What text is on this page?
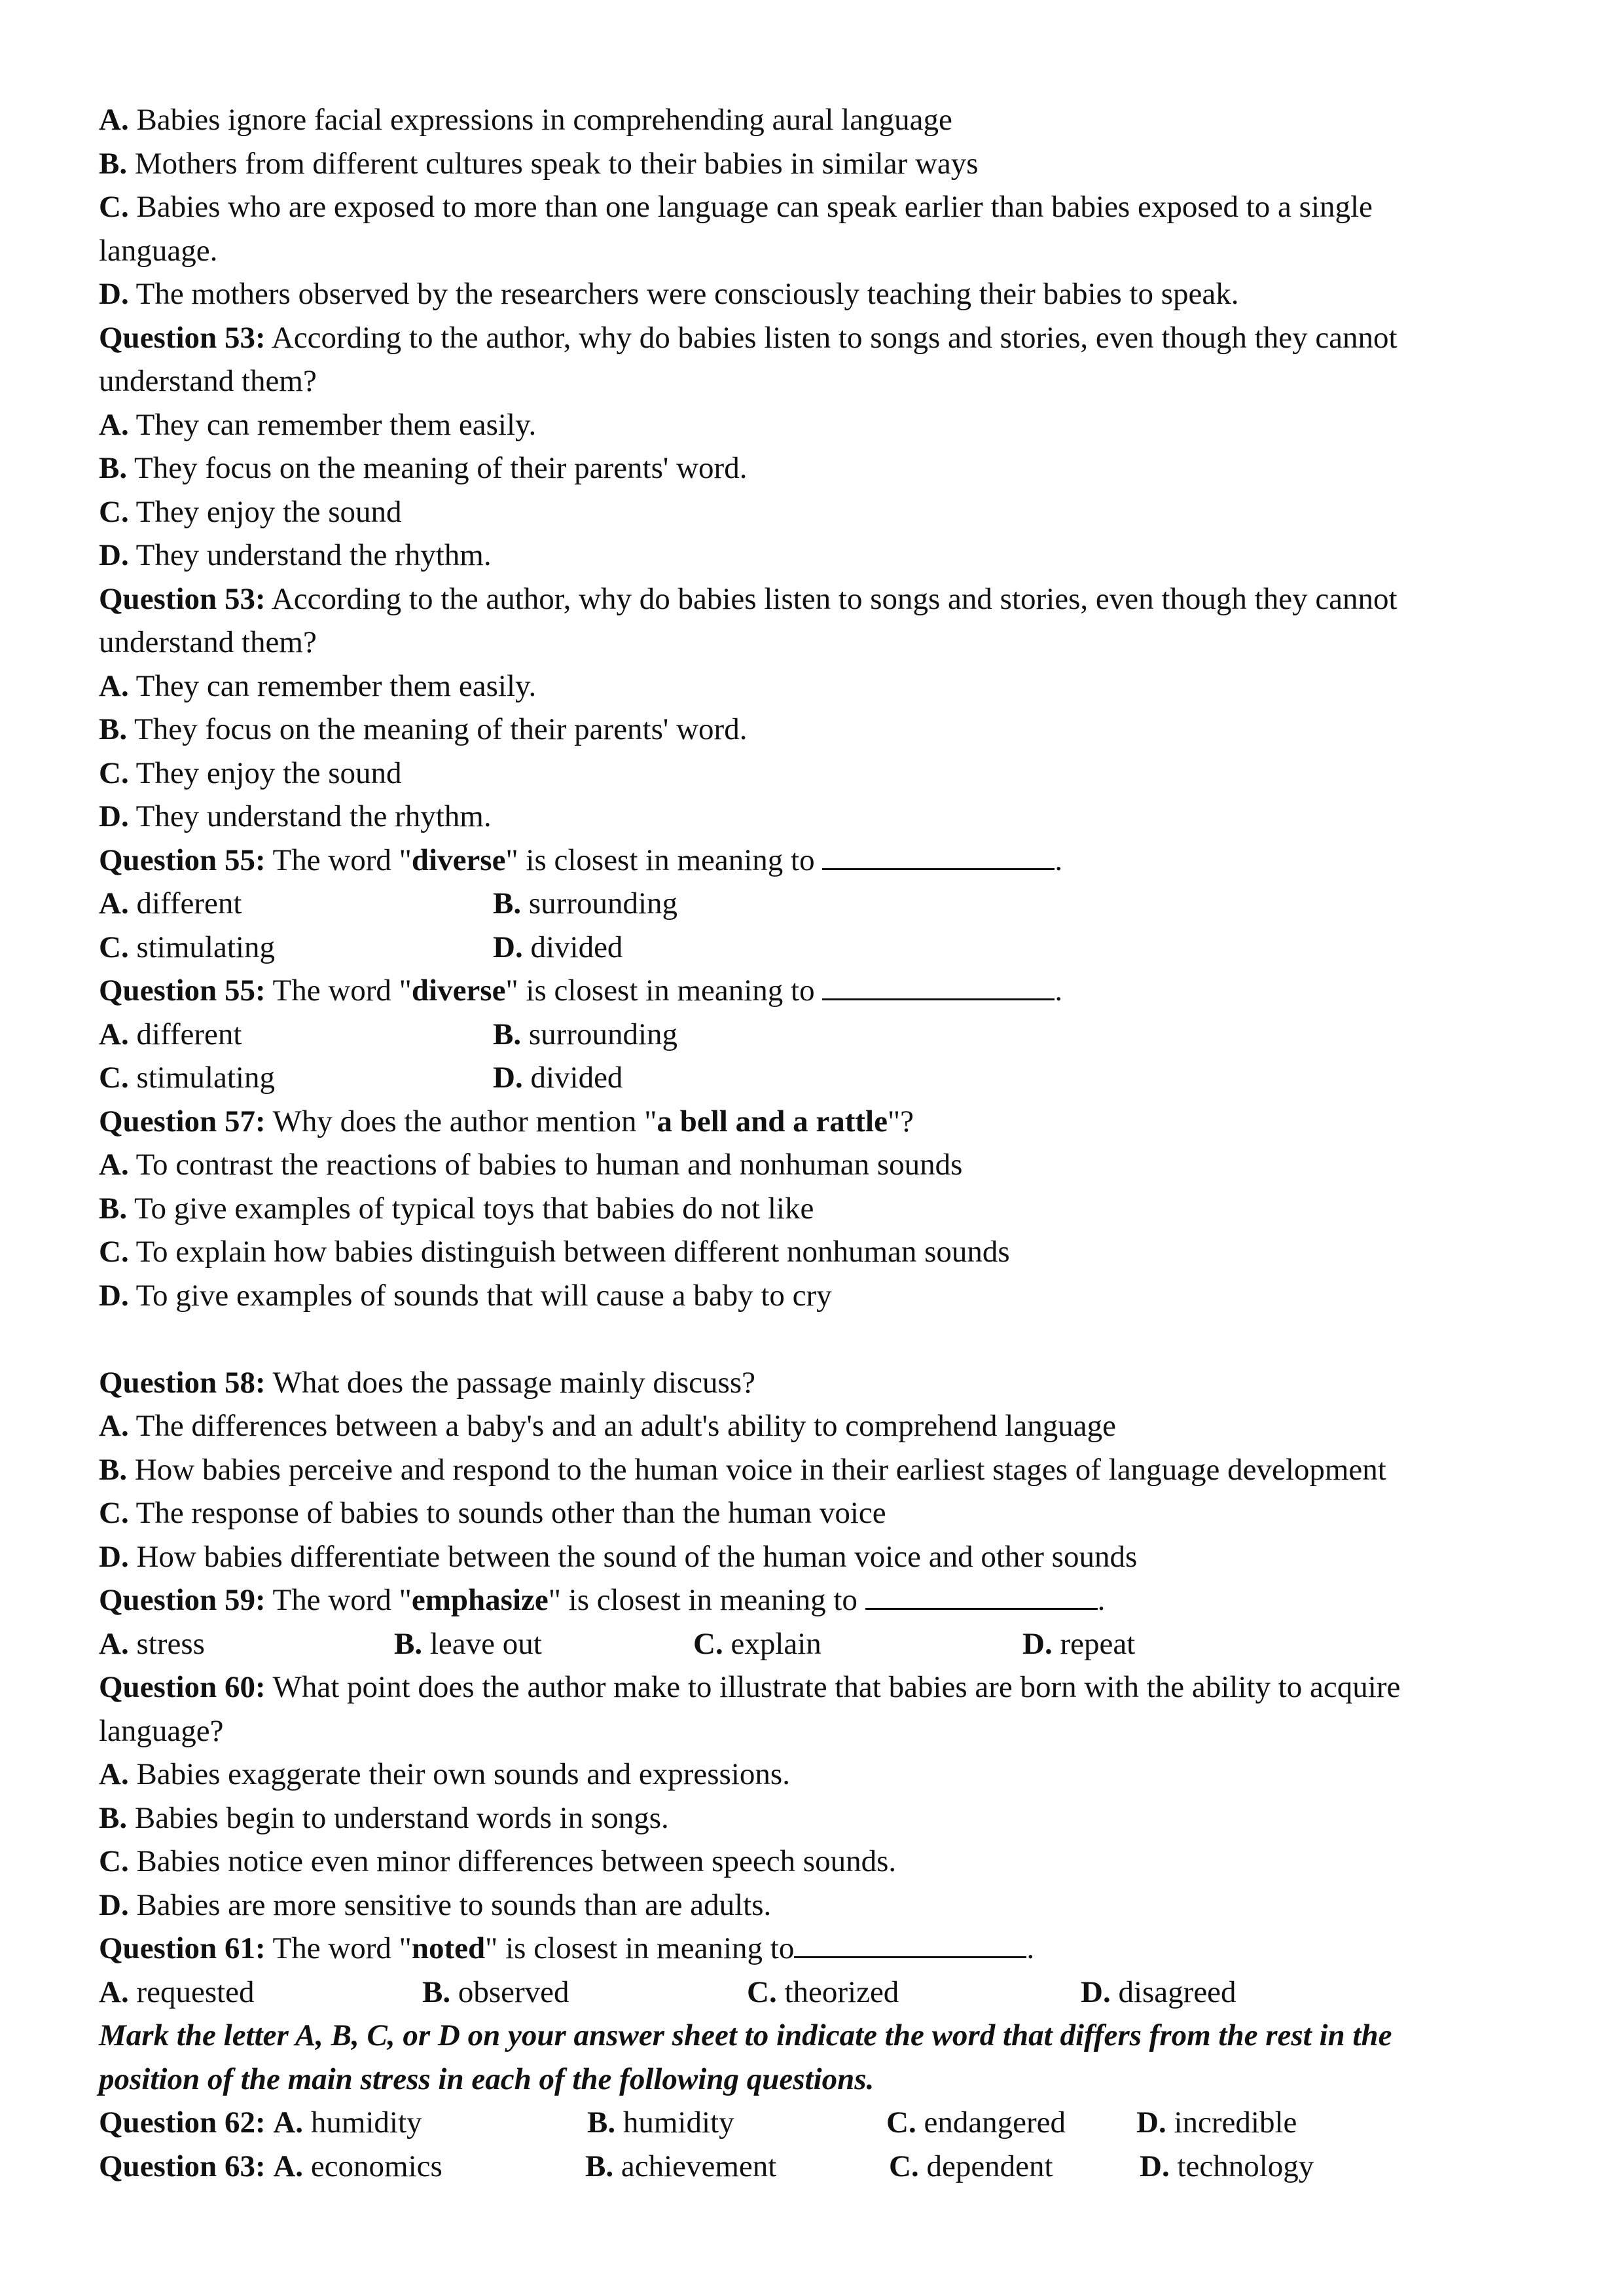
A. Babies ignore facial expressions in comprehending aural language
B. Mothers from different cultures speak to their babies in similar ways
C. Babies who are exposed to more than one language can speak earlier than babies exposed to a single
language.
D. The mothers observed by the researchers were consciously teaching their babies to speak.
Question 53: According to the author, why do babies listen to songs and stories, even though they cannot
understand them?
A. They can remember them easily.
B. They focus on the meaning of their parents' word.
C. They enjoy the sound
D. They understand the rhythm.
Question 53: According to the author, why do babies listen to songs and stories, even though they cannot
understand them?
A. They can remember them easily.
B. They focus on the meaning of their parents' word.
C. They enjoy the sound
D. They understand the rhythm.
Question 55: The word "diverse" is closest in meaning to	.
A. different	B. surrounding
C. stimulating	D. divided
Question 55: The word "diverse" is closest in meaning to	.
A. different	B. surrounding
C. stimulating	D. divided
Question 57: Why does the author mention "a bell and a rattle"?
A. To contrast the reactions of babies to human and nonhuman sounds
B. To give examples of typical toys that babies do not like
C. To explain how babies distinguish between different nonhuman sounds
D. To give examples of sounds that will cause a baby to cry
Question 58: What does the passage mainly discuss?
A. The differences between a baby's and an adult's ability to comprehend language
B. How babies perceive and respond to the human voice in their earliest stages of language development
C. The response of babies to sounds other than the human voice
D. How babies differentiate between the sound of the human voice and other sounds
Question 59: The word "emphasize" is closest in meaning to	.
A. stress	B. leave out	C. explain	D. repeat
Question 60: What point does the author make to illustrate that babies are born with the ability to acquire
language?
A. Babies exaggerate their own sounds and expressions.
B. Babies begin to understand words in songs.
C. Babies notice even minor differences between speech sounds.
D. Babies are more sensitive to sounds than are adults.
Question 61: The word "noted" is closest in meaning to	.
A. requested	B. observed	C. theorized	D. disagreed
Mark the letter A, B, C, or D on your answer sheet to indicate the word that differs from the rest in the
position of the main stress in each of the following questions.
Question 62: A. humidity	B. humidity	C. endangered D. incredible
Question 63: A. economics	B. achievement	C. dependent	D. technology
